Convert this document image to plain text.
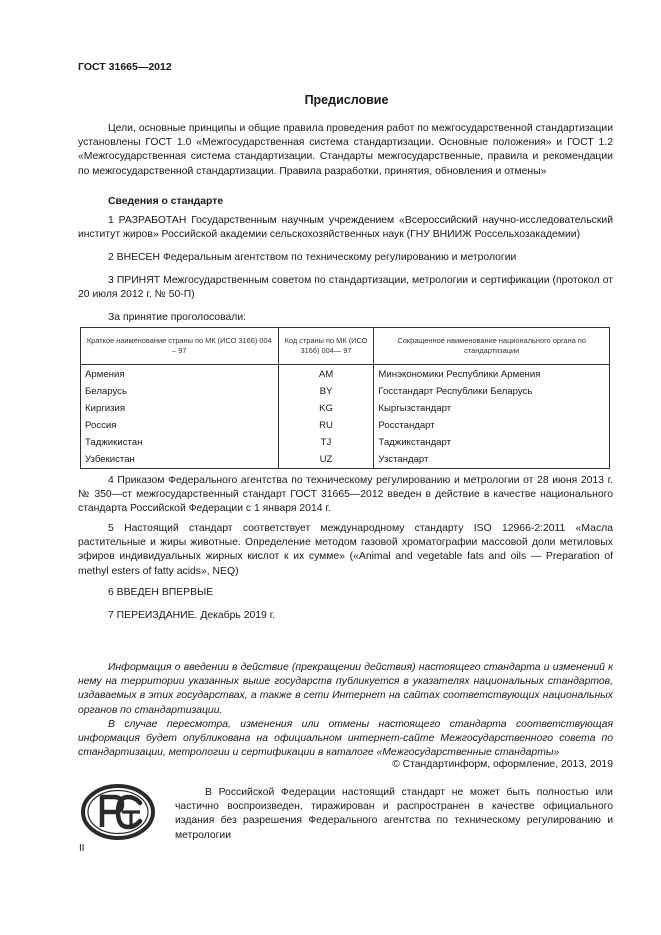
ГОСТ 31665—2012
Предисловие

Цели, основные принципы и общие правила проведения работ по межгосударственной стандартизации установлены ГОСТ 1.0 «Межгосударственная система стандартизации. Основные положения» и ГОСТ 1.2 «Межгосударственная система стандартизации. Стандарты межгосударственные, правила и рекомендации по межгосударственной стандартизации. Правила разработки, принятия, обновления и отмены»

Сведения о стандарте

1 РАЗРАБОТАН Государственным научным учреждением «Всероссийский научно-исследовательский институт жиров» Российской академии сельскохозяйственных наук (ГНУ ВНИИЖ Россельхозакадемии)

2 ВНЕСЕН Федеральным агентством по техническому регулированию и метрологии

3 ПРИНЯТ Межгосударственным советом по стандартизации, метрологии и сертификации (протокол от 20 июля 2012 г. № 50-П)

За принятие проголосовали:

Краткое наименование страны по МК (ИСО 3166) 004 – 97	Код страны по МК (ИСО 3166) 004— 97	Сокращенное наименование национального органа по стандартизации
Армения	AM	Минэкономики Республики Армения
Беларусь	BY	Госстандарт Республики Беларусь
Киргизия	KG	Кыргызстандарт
Россия	RU	Росстандарт
Таджикистан	TJ	Таджикстандарт
Узбекистан	UZ	Узстандарт

4 Приказом Федерального агентства по техническому регулированию и метрологии от 28 июня 2013 г. № 350—ст межгосударственный стандарт ГОСТ 31665—2012 введен в действие в качестве национального стандарта Российской Федерации с 1 января 2014 г.

5 Настоящий стандарт соответствует международному стандарту ISO 12966-2:2011 «Масла растительные и жиры животные. Определение методом газовой хроматографии массовой доли метиловых эфиров индивидуальных жирных кислот к их сумме» («Animal and vegetable fats and oils — Preparation of methyl esters of fatty acids», NEQ)

6 ВВЕДЕН ВПЕРВЫЕ

7 ПЕРЕИЗДАНИЕ. Декабрь 2019 г.

Информация о введении в действие (прекращении действия) настоящего стандарта и изменений к нему на территории указанных выше государств публикуется в указателях национальных стандартов, издаваемых в этих государствах, а также в сети Интернет на сайтах соответствующих национальных органов по стандартизации.

В случае пересмотра, изменения или отмены настоящего стандарта соответствующая информация будет опубликована на официальном интернет-сайте Межгосударственного совета по стандартизации, метрологии и сертификации в каталоге «Межгосударственные стандарты»

© Стандартинформ, оформление, 2013, 2019

В Российской Федерации настоящий стандарт не может быть полностью или частично воспроизведен, тиражирован и распространен в качестве официального издания без разрешения Федерального агентства по техническому регулированию и метрологии

II
